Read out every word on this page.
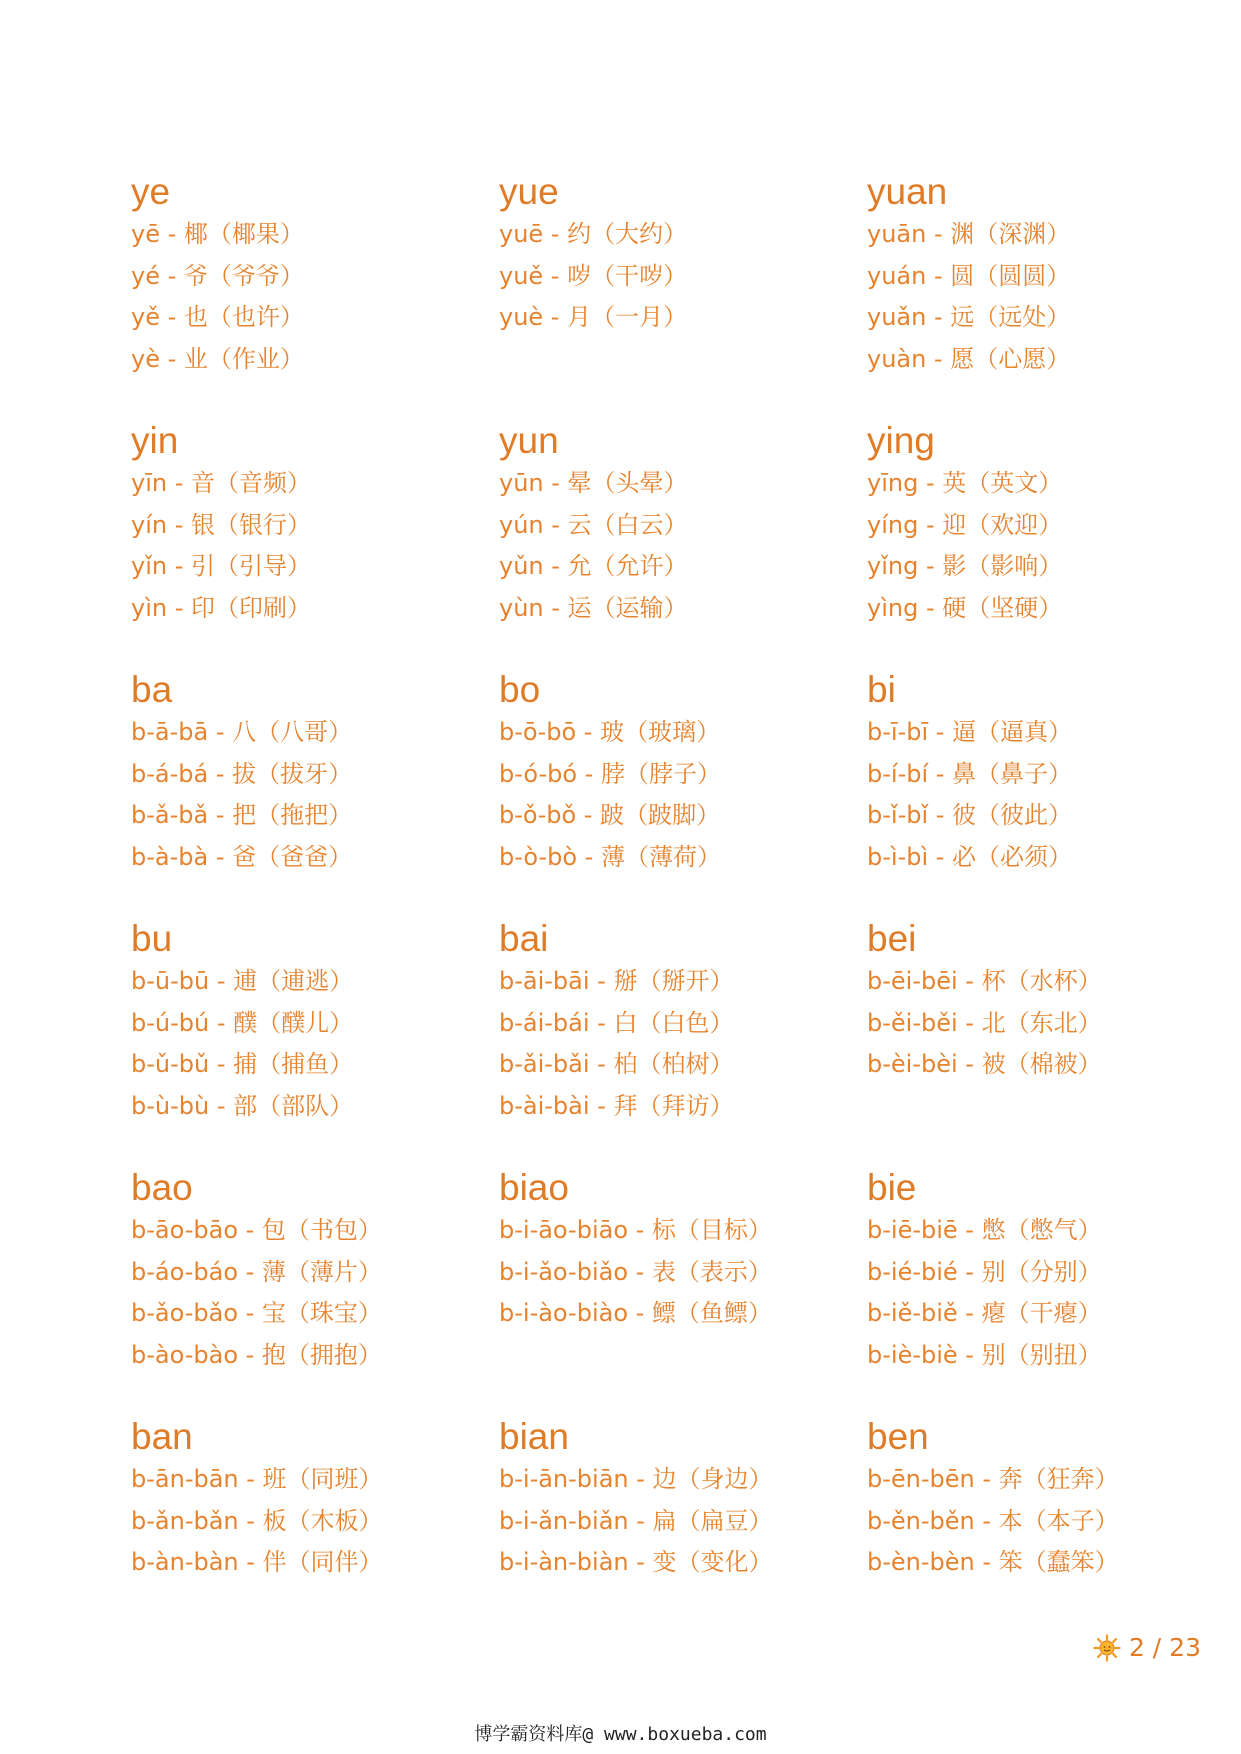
ye
yē - 椰（椰果）
yé - 爷（爷爷）
yě - 也（也许）
yè - 业（作业）
yue
yuē - 约（大约）
yuě - 哕（干哕）
yuè - 月（一月）
yuan
yuān - 渊（深渊）
yuán - 圆（圆圆）
yuǎn - 远（远处）
yuàn - 愿（心愿）
yin
yīn - 音（音频）
yín - 银（银行）
yǐn - 引（引导）
yìn - 印（印刷）
yun
yūn - 晕（头晕）
yún - 云（白云）
yǔn - 允（允许）
yùn - 运（运输）
ying
yīng - 英（英文）
yíng - 迎（欢迎）
yǐng - 影（影响）
yìng - 硬（坚硬）
ba
b-ā-bā - 八（八哥）
b-á-bá - 拔（拔牙）
b-ǎ-bǎ - 把（拖把）
b-à-bà - 爸（爸爸）
bo
b-ō-bō - 玻（玻璃）
b-ó-bó - 脖（脖子）
b-ǒ-bǒ - 跛（跛脚）
b-ò-bò - 薄（薄荷）
bi
b-ī-bī - 逼（逼真）
b-í-bí - 鼻（鼻子）
b-ǐ-bǐ - 彼（彼此）
b-ì-bì - 必（必须）
bu
b-ū-bū - 逋（逋逃）
b-ú-bú - 醭（醭儿）
b-ǔ-bǔ - 捕（捕鱼）
b-ù-bù - 部（部队）
bai
b-āi-bāi - 掰（掰开）
b-ái-bái - 白（白色）
b-ǎi-bǎi - 柏（柏树）
b-ài-bài - 拜（拜访）
bei
b-ēi-bēi - 杯（水杯）
b-ěi-běi - 北（东北）
b-èi-bèi - 被（棉被）
bao
b-āo-bāo - 包（书包）
b-áo-báo - 薄（薄片）
b-ǎo-bǎo - 宝（珠宝）
b-ào-bào - 抱（拥抱）
biao
b-i-āo-biāo - 标（目标）
b-i-ǎo-biǎo - 表（表示）
b-i-ào-biào - 鳔（鱼鳔）
bie
b-iē-biē - 憋（憋气）
b-ié-bié - 别（分别）
b-iě-biě - 瘪（干瘪）
b-iè-biè - 别（别扭）
ban
b-ān-bān - 班（同班）
b-ǎn-bǎn - 板（木板）
b-àn-bàn - 伴（同伴）
bian
b-i-ān-biān - 边（身边）
b-i-ǎn-biǎn - 扁（扁豆）
b-i-àn-biàn - 变（变化）
ben
b-ēn-bēn - 奔（狂奔）
b-ěn-běn - 本（本子）
b-èn-bèn - 笨（蠢笨）
2 / 23
博学霸资料库@ www.boxueba.com
